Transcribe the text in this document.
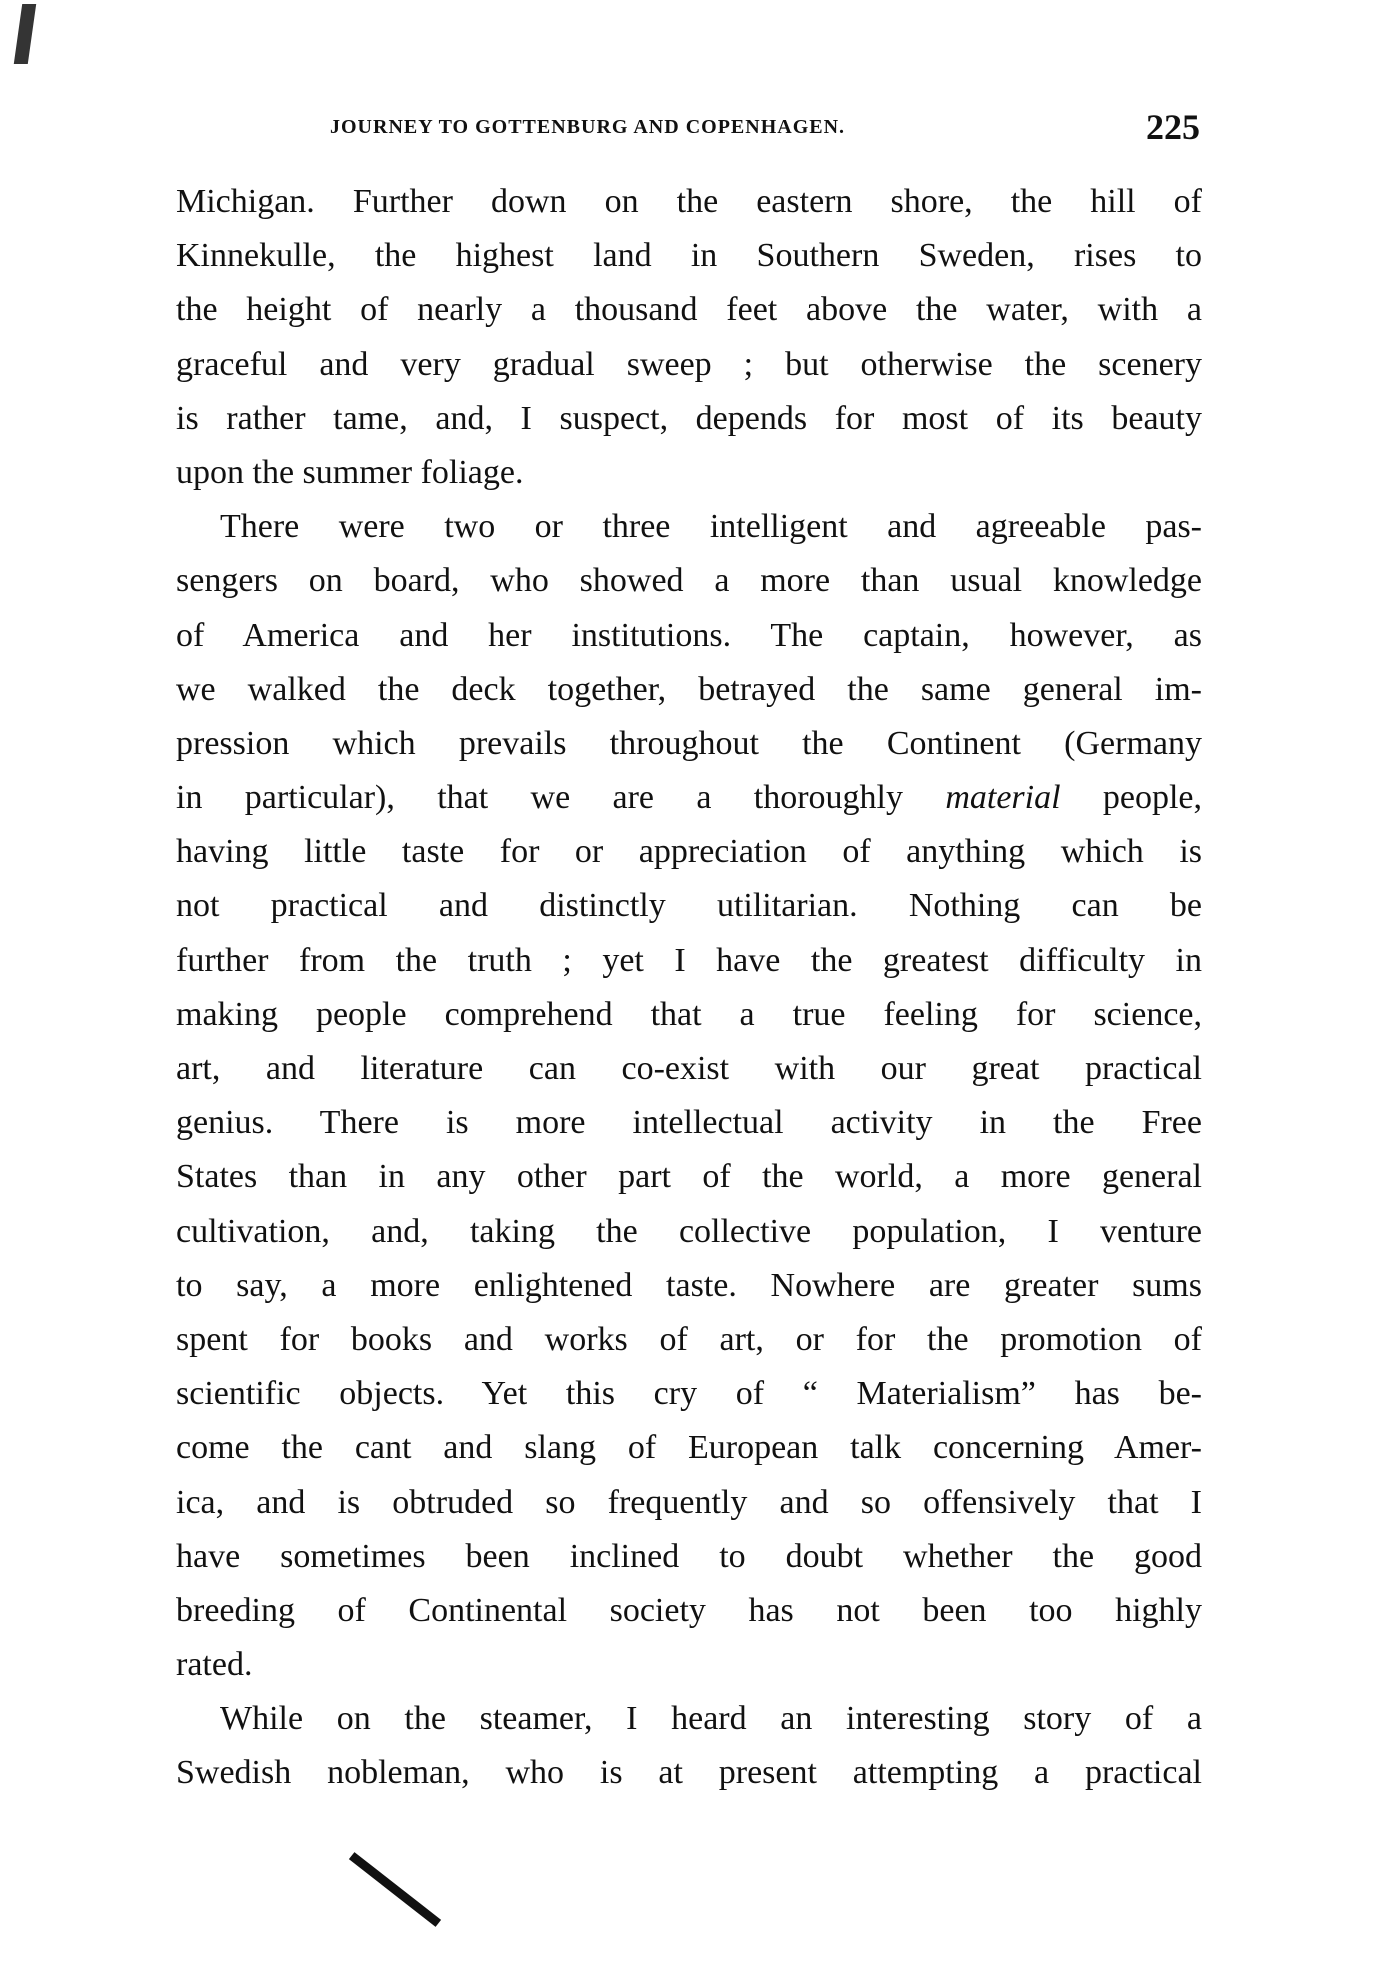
JOURNEY TO GOTTENBURG AND COPENHAGEN.	225
Michigan. Further down on the eastern shore, the hill of
Kinnekulle, the highest land in Southern Sweden, rises to
the height of nearly a thousand feet above the water, with a
graceful and very gradual sweep ; but otherwise the scenery
is rather tame, and, I suspect, depends for most of its beauty
upon the summer foliage.
There were two or three intelligent and agreeable pas-
sengers on board, who showed a more than usual knowledge
of America and her institutions. The captain, however, as
we walked the deck together, betrayed the same general im-
pression which prevails throughout the Continent (Germany
in particular), that we are a thoroughly material people,
having little taste for or appreciation of anything which is
not practical and distinctly utilitarian. Nothing can be
further from the truth ; yet I have the greatest difficulty in
making people comprehend that a true feeling for science,
art, and literature can co-exist with our great practical
genius. There is more intellectual activity in the Free
States than in any other part of the world, a more general
cultivation, and, taking the collective population, I venture
to say, a more enlightened taste. Nowhere are greater sums
spent for books and works of art, or for the promotion of
scientific objects. Yet this cry of “ Materialism” has be-
come the cant and slang of European talk concerning Amer-
ica, and is obtruded so frequently and so offensively that I
have sometimes been inclined to doubt whether the good
breeding of Continental society has not been too highly
rated.
While on the steamer, I heard an interesting story of a
Swedish nobleman, who is at present attempting a practical
